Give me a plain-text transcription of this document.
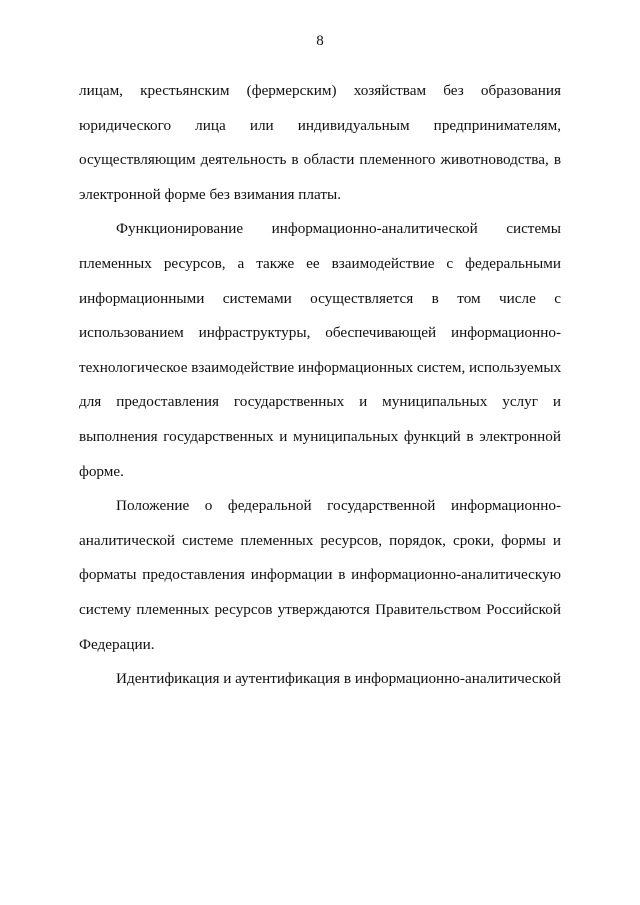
8
лицам, крестьянским (фермерским) хозяйствам без образования
юридического лица или индивидуальным предпринимателям,
осуществляющим деятельность в области племенного животноводства, в
электронной форме без взимания платы.
Функционирование информационно-аналитической системы
племенных ресурсов, а также ее взаимодействие с федеральными
информационными системами осуществляется в том числе с
использованием инфраструктуры, обеспечивающей информационно-
технологическое взаимодействие информационных систем, используемых
для предоставления государственных и муниципальных услуг и
выполнения государственных и муниципальных функций в электронной
форме.
Положение о федеральной государственной информационно-
аналитической системе племенных ресурсов, порядок, сроки, формы и
форматы предоставления информации в информационно-аналитическую
систему племенных ресурсов утверждаются Правительством Российской
Федерации.
Идентификация и аутентификация в информационно-аналитической
